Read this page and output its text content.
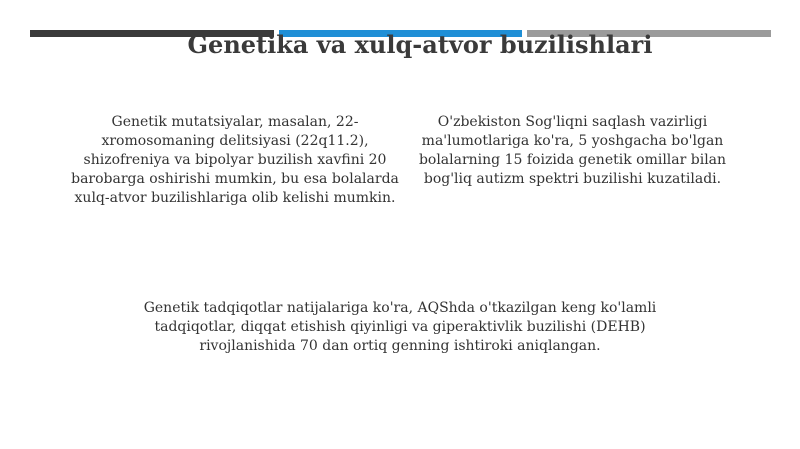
Genetika va xulq-atvor buzilishlari

Genetik mutatsiyalar, masalan, 22-xromosomaning delitsiyasi (22q11.2), shizofreniya va bipolyar buzilish xavfini 20 barobarga oshirishi mumkin, bu esa bolalarda xulq-atvor buzilishlariga olib kelishi mumkin.

O'zbekiston Sog'liqni saqlash vazirligi ma'lumotlariga ko'ra, 5 yoshgacha bo'lgan bolalarning 15 foizida genetik omillar bilan bog'liq autizm spektri buzilishi kuzatiladi.

Genetik tadqiqotlar natijalariga ko'ra, AQShda o'tkazilgan keng ko'lamli tadqiqotlar, diqqat etishish qiyinligi va giperaktivlik buzilishi (DEHB) rivojlanishida 70 dan ortiq genning ishtiroki aniqlangan.
